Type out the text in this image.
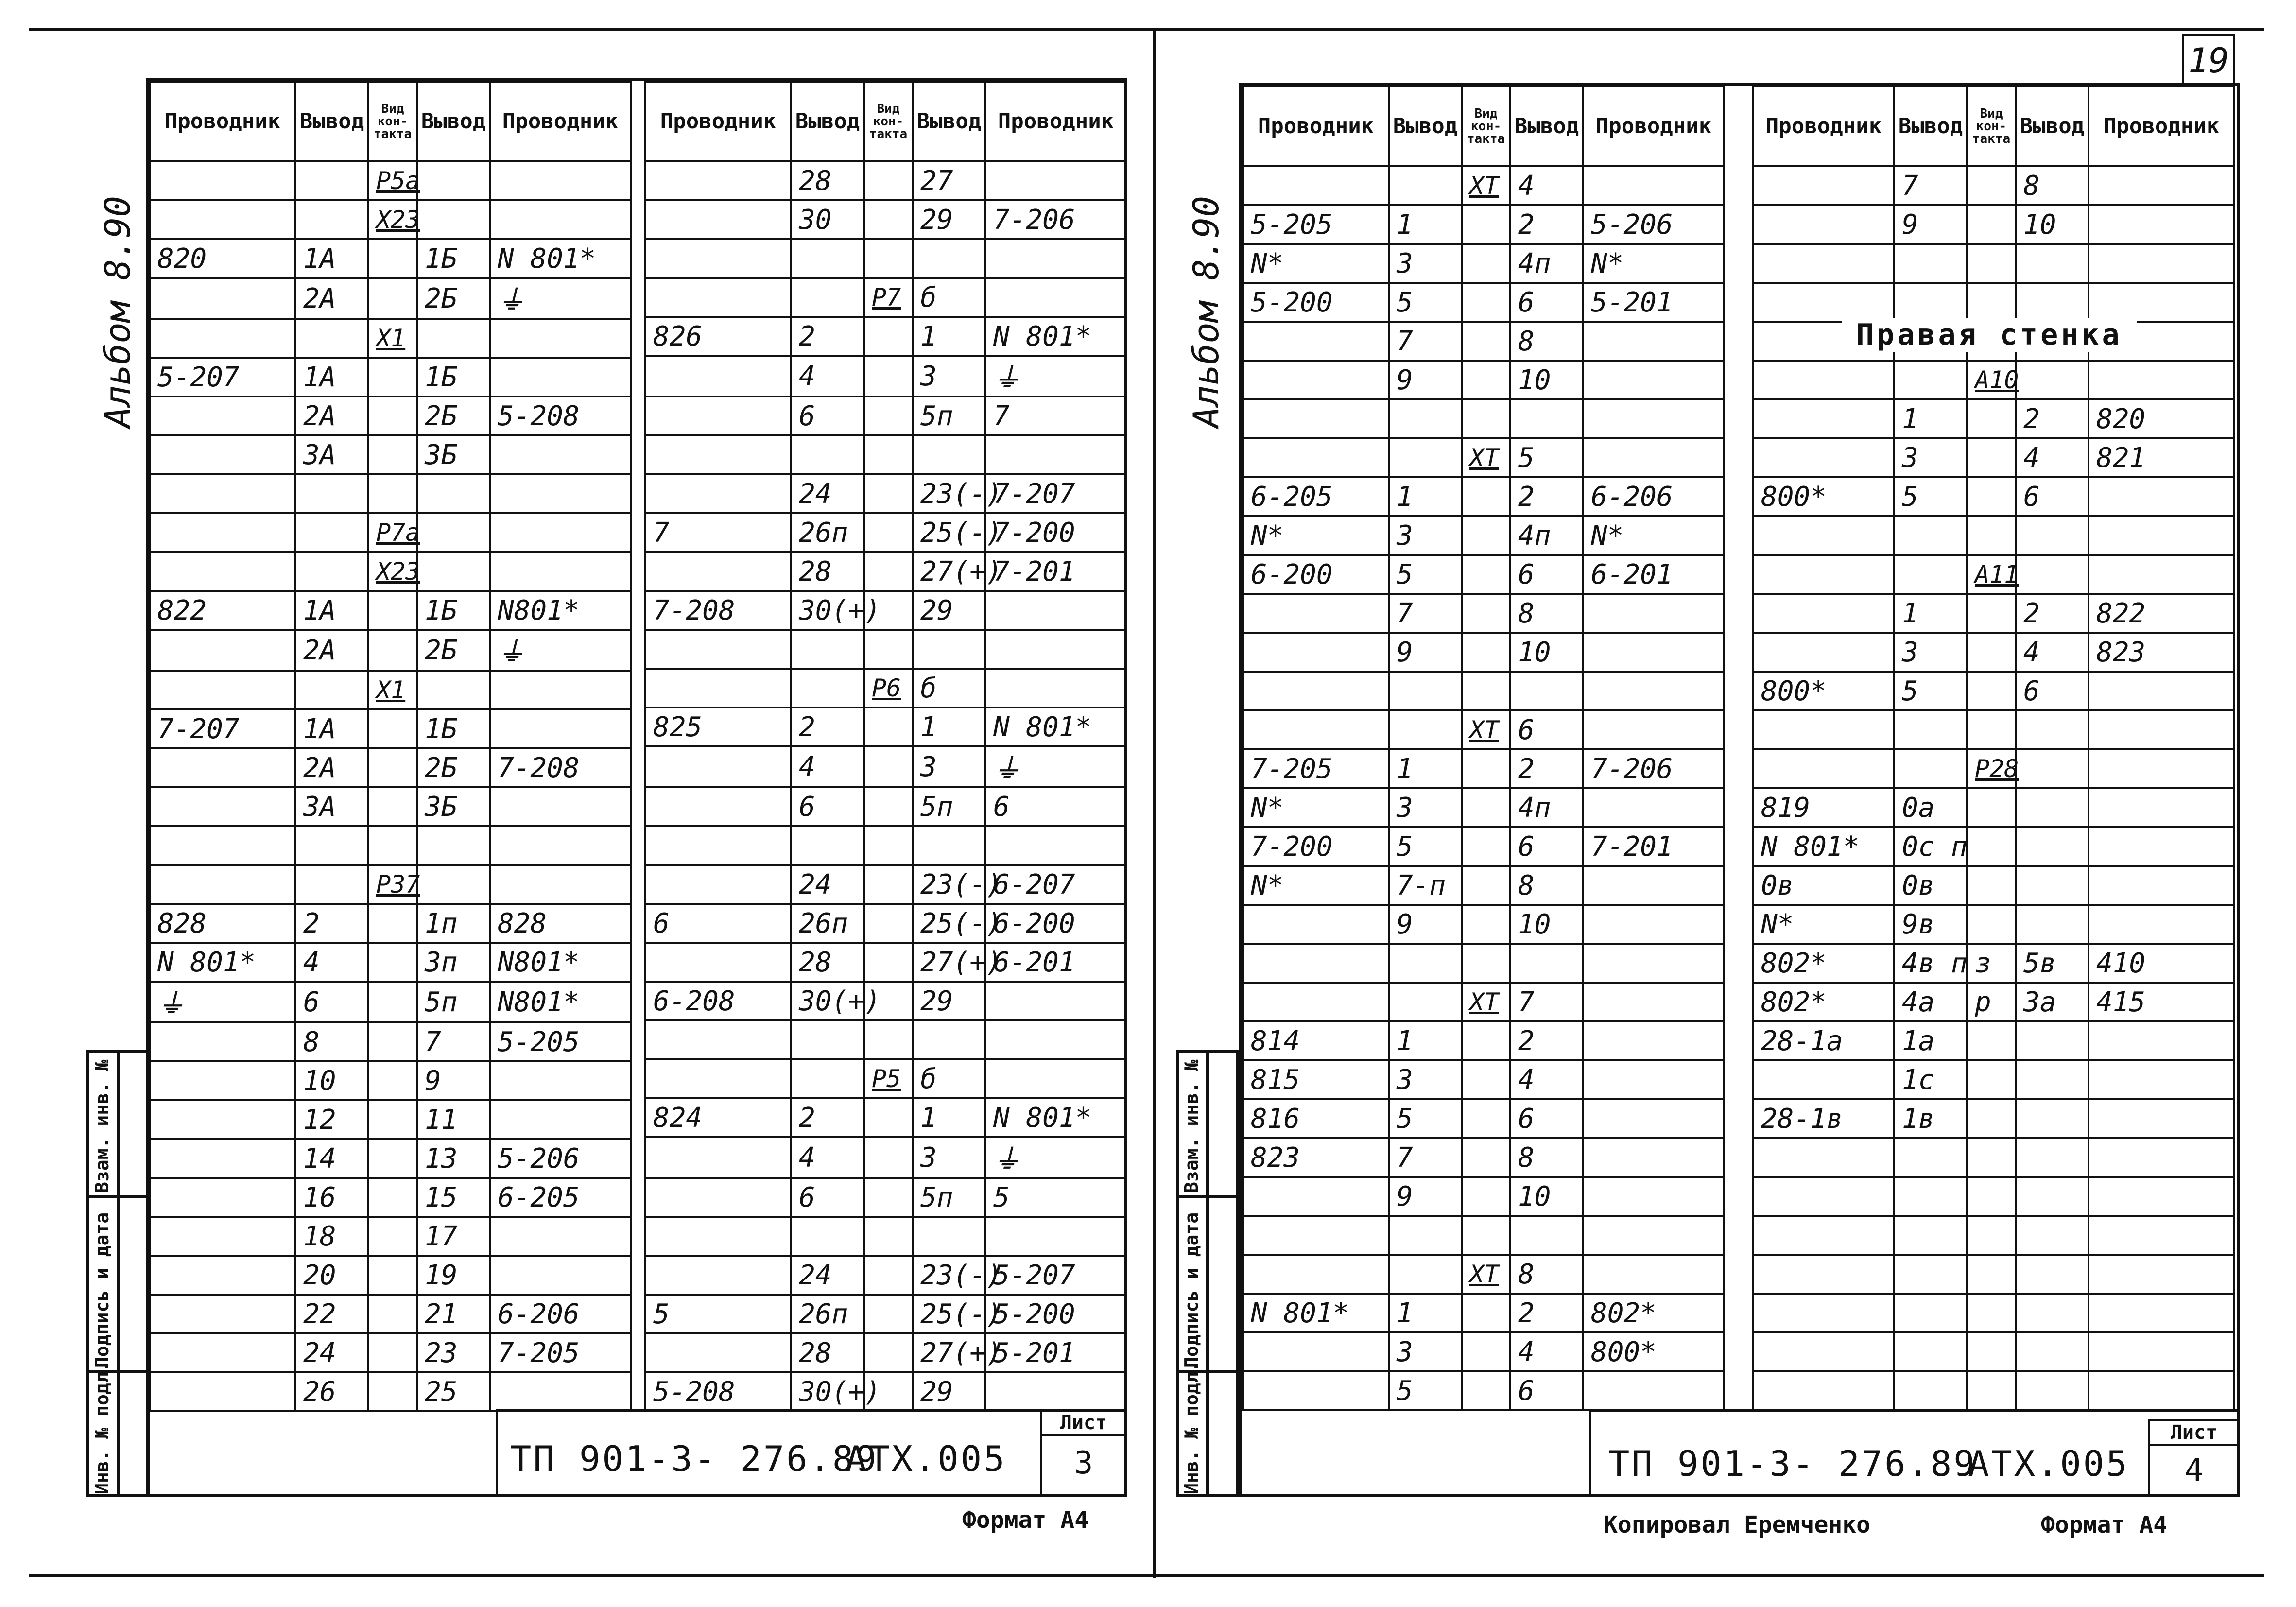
19
Альбом 8.90
Взам. инв. №
Подпись и дата
Инв. № подл.
Проводник	Вывод	Вид кон- такта	Вывод	Проводник
		Р5а		
		Х23		
820	1А		1Б	N 801*
	2А		2Б	⏚
		Х1		
5-207	1А		1Б	
	2А		2Б	5-208
	3А		3Б	

		Р7а		
		Х23		
822	1А		1Б	N801*
	2А		2Б	⏚
		Х1		
7-207	1А		1Б	
	2А		2Б	7-208
	3А		3Б	

		Р37		
828	2		1п	828
N 801*	4		3п	N801*
⏚	6		5п	N801*
	8		7	5-205
	10		9	
	12		11	
	14		13	5-206
	16		15	6-205
	18		17	
	20		19	
	22		21	6-206
	24		23	7-205
	26		25	
Проводник	Вывод	Вид кон- такта	Вывод	Проводник
	28		27	
	30		29	7-206

		Р7	б	
826	2		1	N 801*
	4		3	⏚
	6		5п	7

	24		23(-)	7-207
7	26п		25(-)	7-200
	28		27(+)	7-201
7-208	30(+)		29	

		Р6	б	
825	2		1	N 801*
	4		3	⏚
	6		5п	6

	24		23(-)	6-207
6	26п		25(-)	6-200
	28		27(+)	6-201
6-208	30(+)		29	

		Р5	б	
824	2		1	N 801*
	4		3	⏚
	6		5п	5

	24		23(-)	5-207
5	26п		25(-)	5-200
	28		27(+)	5-201
5-208	30(+)		29	
ТП 901-3- 276.89
АТХ.005
Лист
3
Формат А4
Альбом 8.90
Взам. инв. №
Подпись и дата
Инв. № подл.
Проводник	Вывод	Вид кон- такта	Вывод	Проводник
		ХТ	4	
5-205	1		2	5-206
N*	3		4п	N*
5-200	5		6	5-201
	7		8	
	9		10	

		ХТ	5	
6-205	1		2	6-206
N*	3		4п	N*
6-200	5		6	6-201
	7		8	
	9		10	

		ХТ	6	
7-205	1		2	7-206
N*	3		4п	
7-200	5		6	7-201
N*	7-п		8	
	9		10	

		ХТ	7	
814	1		2	
815	3		4	
816	5		6	
823	7		8	
	9		10	

		ХТ	8	
N 801*	1		2	802*
	3		4	800*
	5		6	
Проводник	Вывод	Вид кон- такта	Вывод	Проводник
	7		8	
	9		10	

		А10		
	1		2	820
	3		4	821
800*	5		6	

		А11		
	1		2	822
	3		4	823
800*	5		6	

		Р28		
819	0а			
N 801*	0с п			
0в	0в			
N*	9в			
802*	4в п	з	5в	410
802*	4а	р	3а	415
28-1а	1а			
	1с			
28-1в	1в			

Правая стенка
ТП 901-3- 276.89
АТХ.005
Лист
4
Копировал Еремченко	Формат А4
